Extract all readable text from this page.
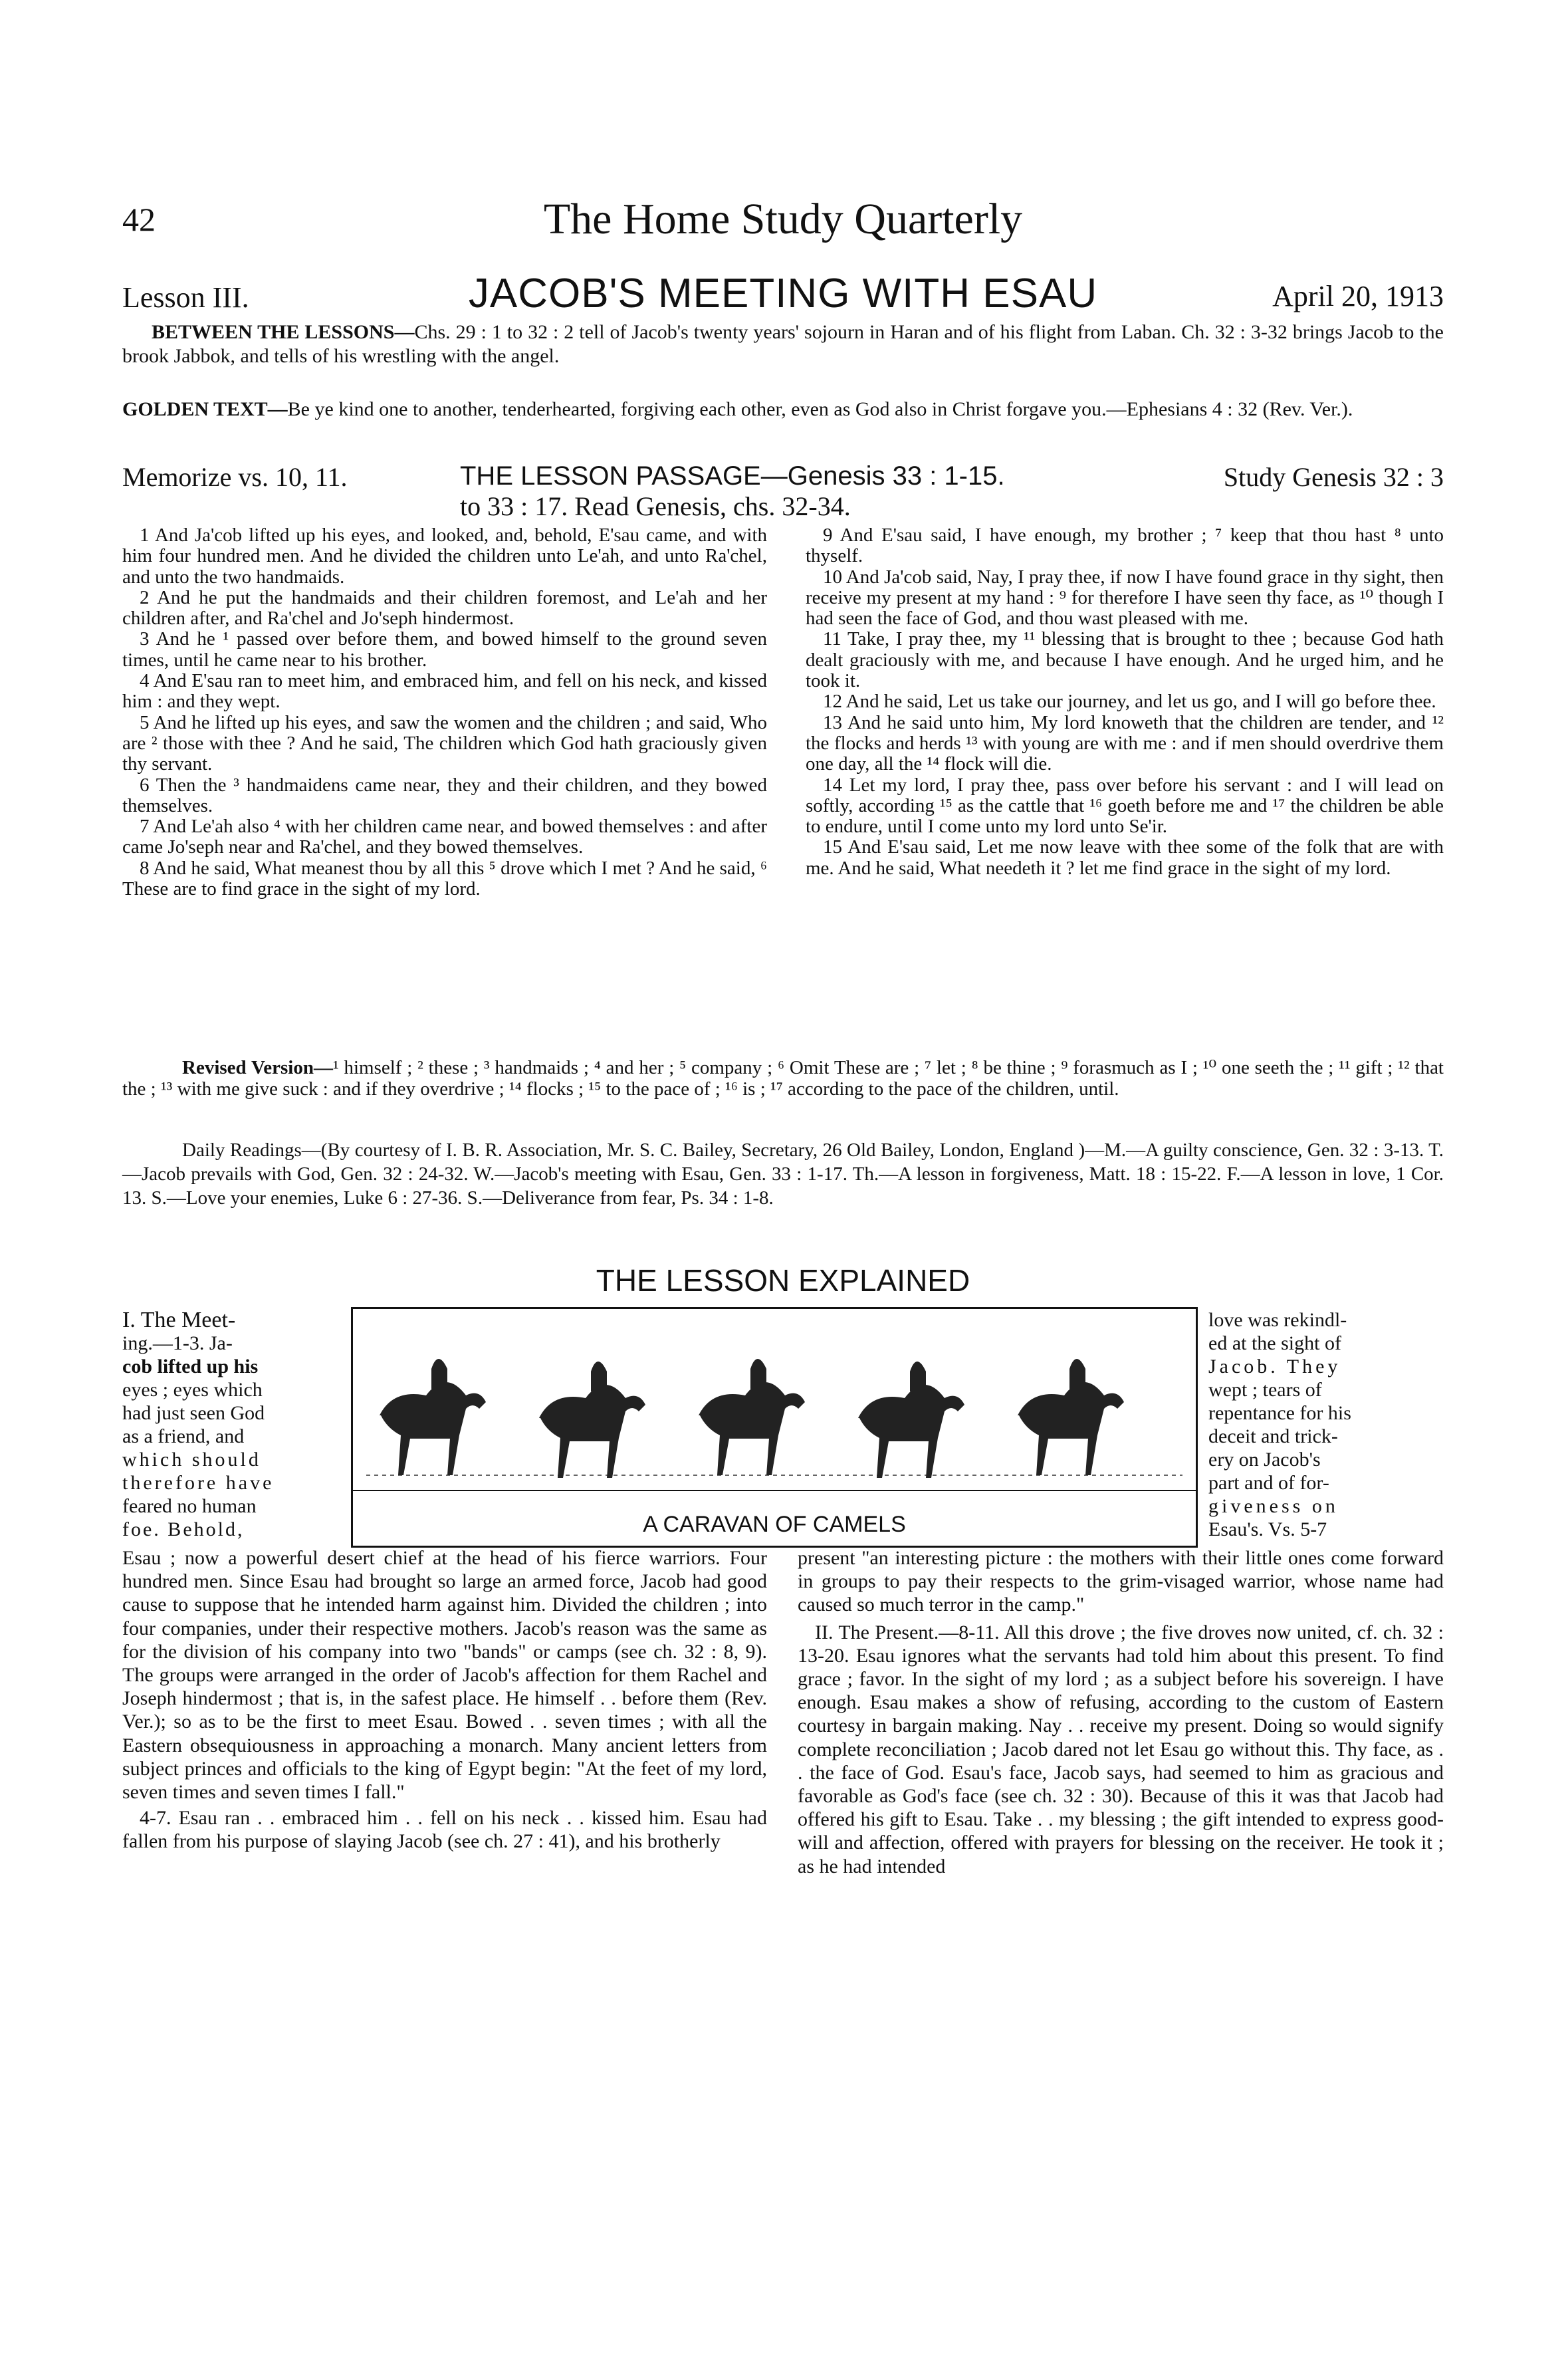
42	The Home Study Quarterly
Lesson III.	JACOB'S MEETING WITH ESAU	April 20, 1913
BETWEEN THE LESSONS—Chs. 29 : 1 to 32 : 2 tell of Jacob's twenty years' sojourn in Haran and of his flight from Laban. Ch. 32 : 3-32 brings Jacob to the brook Jabbok, and tells of his wrestling with the angel.
GOLDEN TEXT—Be ye kind one to another, tenderhearted, forgiving each other, even as God also in Christ forgave you.—Ephesians 4 : 32 (Rev. Ver.).
Memorize vs. 10, 11.	THE LESSON PASSAGE—Genesis 33 : 1-15.	Study Genesis 32 : 3
to 33 : 17. Read Genesis, chs. 32-34.

1 And Ja'cob lifted up his eyes, and looked, and, behold, E'sau came, and with him four hundred men. And he divided the children unto Le'ah, and unto Ra'chel, and unto the two handmaids.

2 And he put the handmaids and their children foremost, and Le'ah and her children after, and Ra'chel and Jo'seph hindermost.

3 And he ¹ passed over before them, and bowed himself to the ground seven times, until he came near to his brother.

4 And E'sau ran to meet him, and embraced him, and fell on his neck, and kissed him : and they wept.

5 And he lifted up his eyes, and saw the women and the children ; and said, Who are ² those with thee ? And he said, The children which God hath graciously given thy servant.

6 Then the ³ handmaidens came near, they and their children, and they bowed themselves.

7 And Le'ah also ⁴ with her children came near, and bowed themselves : and after came Jo'seph near and Ra'chel, and they bowed themselves.

8 And he said, What meanest thou by all this ⁵ drove which I met ? And he said, ⁶ These are to find grace in the sight of my lord.

9 And E'sau said, I have enough, my brother ; ⁷ keep that thou hast ⁸ unto thyself.

10 And Ja'cob said, Nay, I pray thee, if now I have found grace in thy sight, then receive my present at my hand : ⁹ for therefore I have seen thy face, as ¹⁰ though I had seen the face of God, and thou wast pleased with me.

11 Take, I pray thee, my ¹¹ blessing that is brought to thee ; because God hath dealt graciously with me, and because I have enough. And he urged him, and he took it.

12 And he said, Let us take our journey, and let us go, and I will go before thee.

13 And he said unto him, My lord knoweth that the children are tender, and ¹² the flocks and herds ¹³ with young are with me : and if men should overdrive them one day, all the ¹⁴ flock will die.

14 Let my lord, I pray thee, pass over before his servant : and I will lead on softly, according ¹⁵ as the cattle that ¹⁶ goeth before me and ¹⁷ the children be able to endure, until I come unto my lord unto Se'ir.

15 And E'sau said, Let me now leave with thee some of the folk that are with me. And he said, What needeth it ? let me find grace in the sight of my lord.

Revised Version—¹ himself ; ² these ; ³ handmaids ; ⁴ and her ; ⁵ company ; ⁶ Omit These are ; ⁷ let ; ⁸ be thine ; ⁹ forasmuch as I ; ¹⁰ one seeth the ; ¹¹ gift ; ¹² that the ; ¹³ with me give suck : and if they overdrive ; ¹⁴ flocks ; ¹⁵ to the pace of ; ¹⁶ is ; ¹⁷ according to the pace of the children, until.
Daily Readings—(By courtesy of I. B. R. Association, Mr. S. C. Bailey, Secretary, 26 Old Bailey, London, England )—M.—A guilty conscience, Gen. 32 : 3-13. T.—Jacob prevails with God, Gen. 32 : 24-32. W.—Jacob's meeting with Esau, Gen. 33 : 1-17. Th.—A lesson in forgiveness, Matt. 18 : 15-22. F.—A lesson in love, 1 Cor. 13. S.—Love your enemies, Luke 6 : 27-36. S.—Deliverance from fear, Ps. 34 : 1-8.
THE LESSON EXPLAINED
I. The Meet-
ing.—1-3. Ja-
cob lifted up his
eyes ; eyes which
had just seen God
as a friend, and
which should
therefore have
feared no human
foe. Behold,	A CARAVAN OF CAMELS
love was rekindl-
ed at the sight of
Jacob. They
wept ; tears of
repentance for his
deceit and trick-
ery on Jacob's
part and of for-
giveness on
Esau's. Vs. 5-7

Esau ; now a powerful desert chief at the head of his fierce warriors. Four hundred men. Since Esau had brought so large an armed force, Jacob had good cause to suppose that he intended harm against him. Divided the children ; into four companies, under their respective mothers. Jacob's reason was the same as for the division of his company into two "bands" or camps (see ch. 32 : 8, 9). The groups were arranged in the order of Jacob's affection for them Rachel and Joseph hindermost ; that is, in the safest place. He himself . . before them (Rev. Ver.); so as to be the first to meet Esau. Bowed . . seven times ; with all the Eastern obsequiousness in approaching a monarch. Many ancient letters from subject princes and officials to the king of Egypt begin: "At the feet of my lord, seven times and seven times I fall."

4-7. Esau ran . . embraced him . . fell on his neck . . kissed him. Esau had fallen from his purpose of slaying Jacob (see ch. 27 : 41), and his brotherly

present "an interesting picture : the mothers with their little ones come forward in groups to pay their respects to the grim-visaged warrior, whose name had caused so much terror in the camp."

II. The Present.—8-11. All this drove ; the five droves now united, cf. ch. 32 : 13-20. Esau ignores what the servants had told him about this present. To find grace ; favor. In the sight of my lord ; as a subject before his sovereign. I have enough. Esau makes a show of refusing, according to the custom of Eastern courtesy in bargain making. Nay . . receive my present. Doing so would signify complete reconciliation ; Jacob dared not let Esau go without this. Thy face, as . . the face of God. Esau's face, Jacob says, had seemed to him as gracious and favorable as God's face (see ch. 32 : 30). Because of this it was that Jacob had offered his gift to Esau. Take . . my blessing ; the gift intended to express good-will and affection, offered with prayers for blessing on the receiver. He took it ; as he had intended
